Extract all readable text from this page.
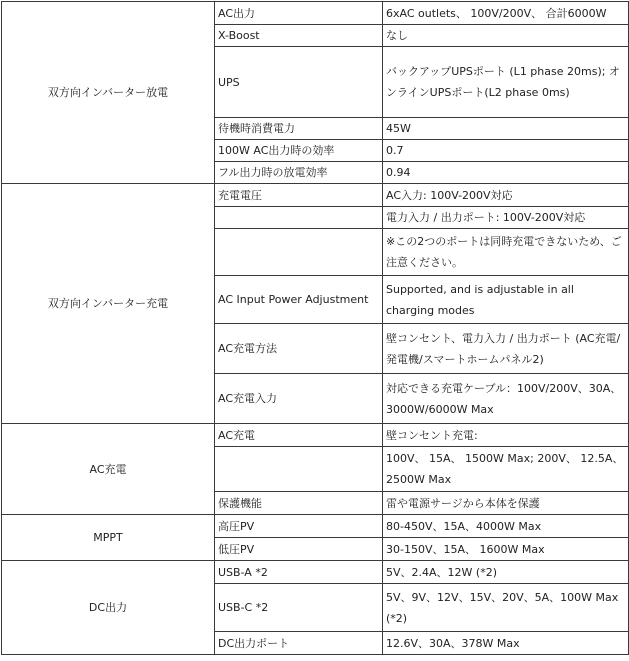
双方向インバーター放電	AC出力	6xAC outlets、 100V/200V、 合計6000W
	X-Boost	なし
	UPS	バックアップUPSポート (L1 phase 20ms); オンラインUPSポート(L2 phase 0ms)
	待機時消費電力	45W
	100W AC出力時の効率	0.7
	フル出力時の放電効率	0.94
双方向インバーター充電	充電電圧	AC入力: 100V-200V対応
		電力入力 / 出力ポート: 100V-200V対応
		※この2つのポートは同時充電できないため、ご注意ください。
	AC Input Power Adjustment	Supported, and is adjustable in all charging modes
	AC充電方法	壁コンセント、電力入力 / 出力ポート (AC充電/発電機/スマートホームパネル2)
	AC充電入力	対応できる充電ケーブル：100V/200V、30A、3000W/6000W Max
AC充電	AC充電	壁コンセント充電:
		100V、 15A、 1500W Max; 200V、 12.5A、 2500W Max
	保護機能	雷や電源サージから本体を保護
MPPT	高圧PV	80-450V、15A、4000W Max
	低圧PV	30-150V、15A、 1600W Max
DC出力	USB-A *2	5V、2.4A、12W (*2)
	USB-C *2	5V、9V、12V、15V、20V、5A、100W Max (*2)
	DC出力ポート	12.6V、30A、378W Max
